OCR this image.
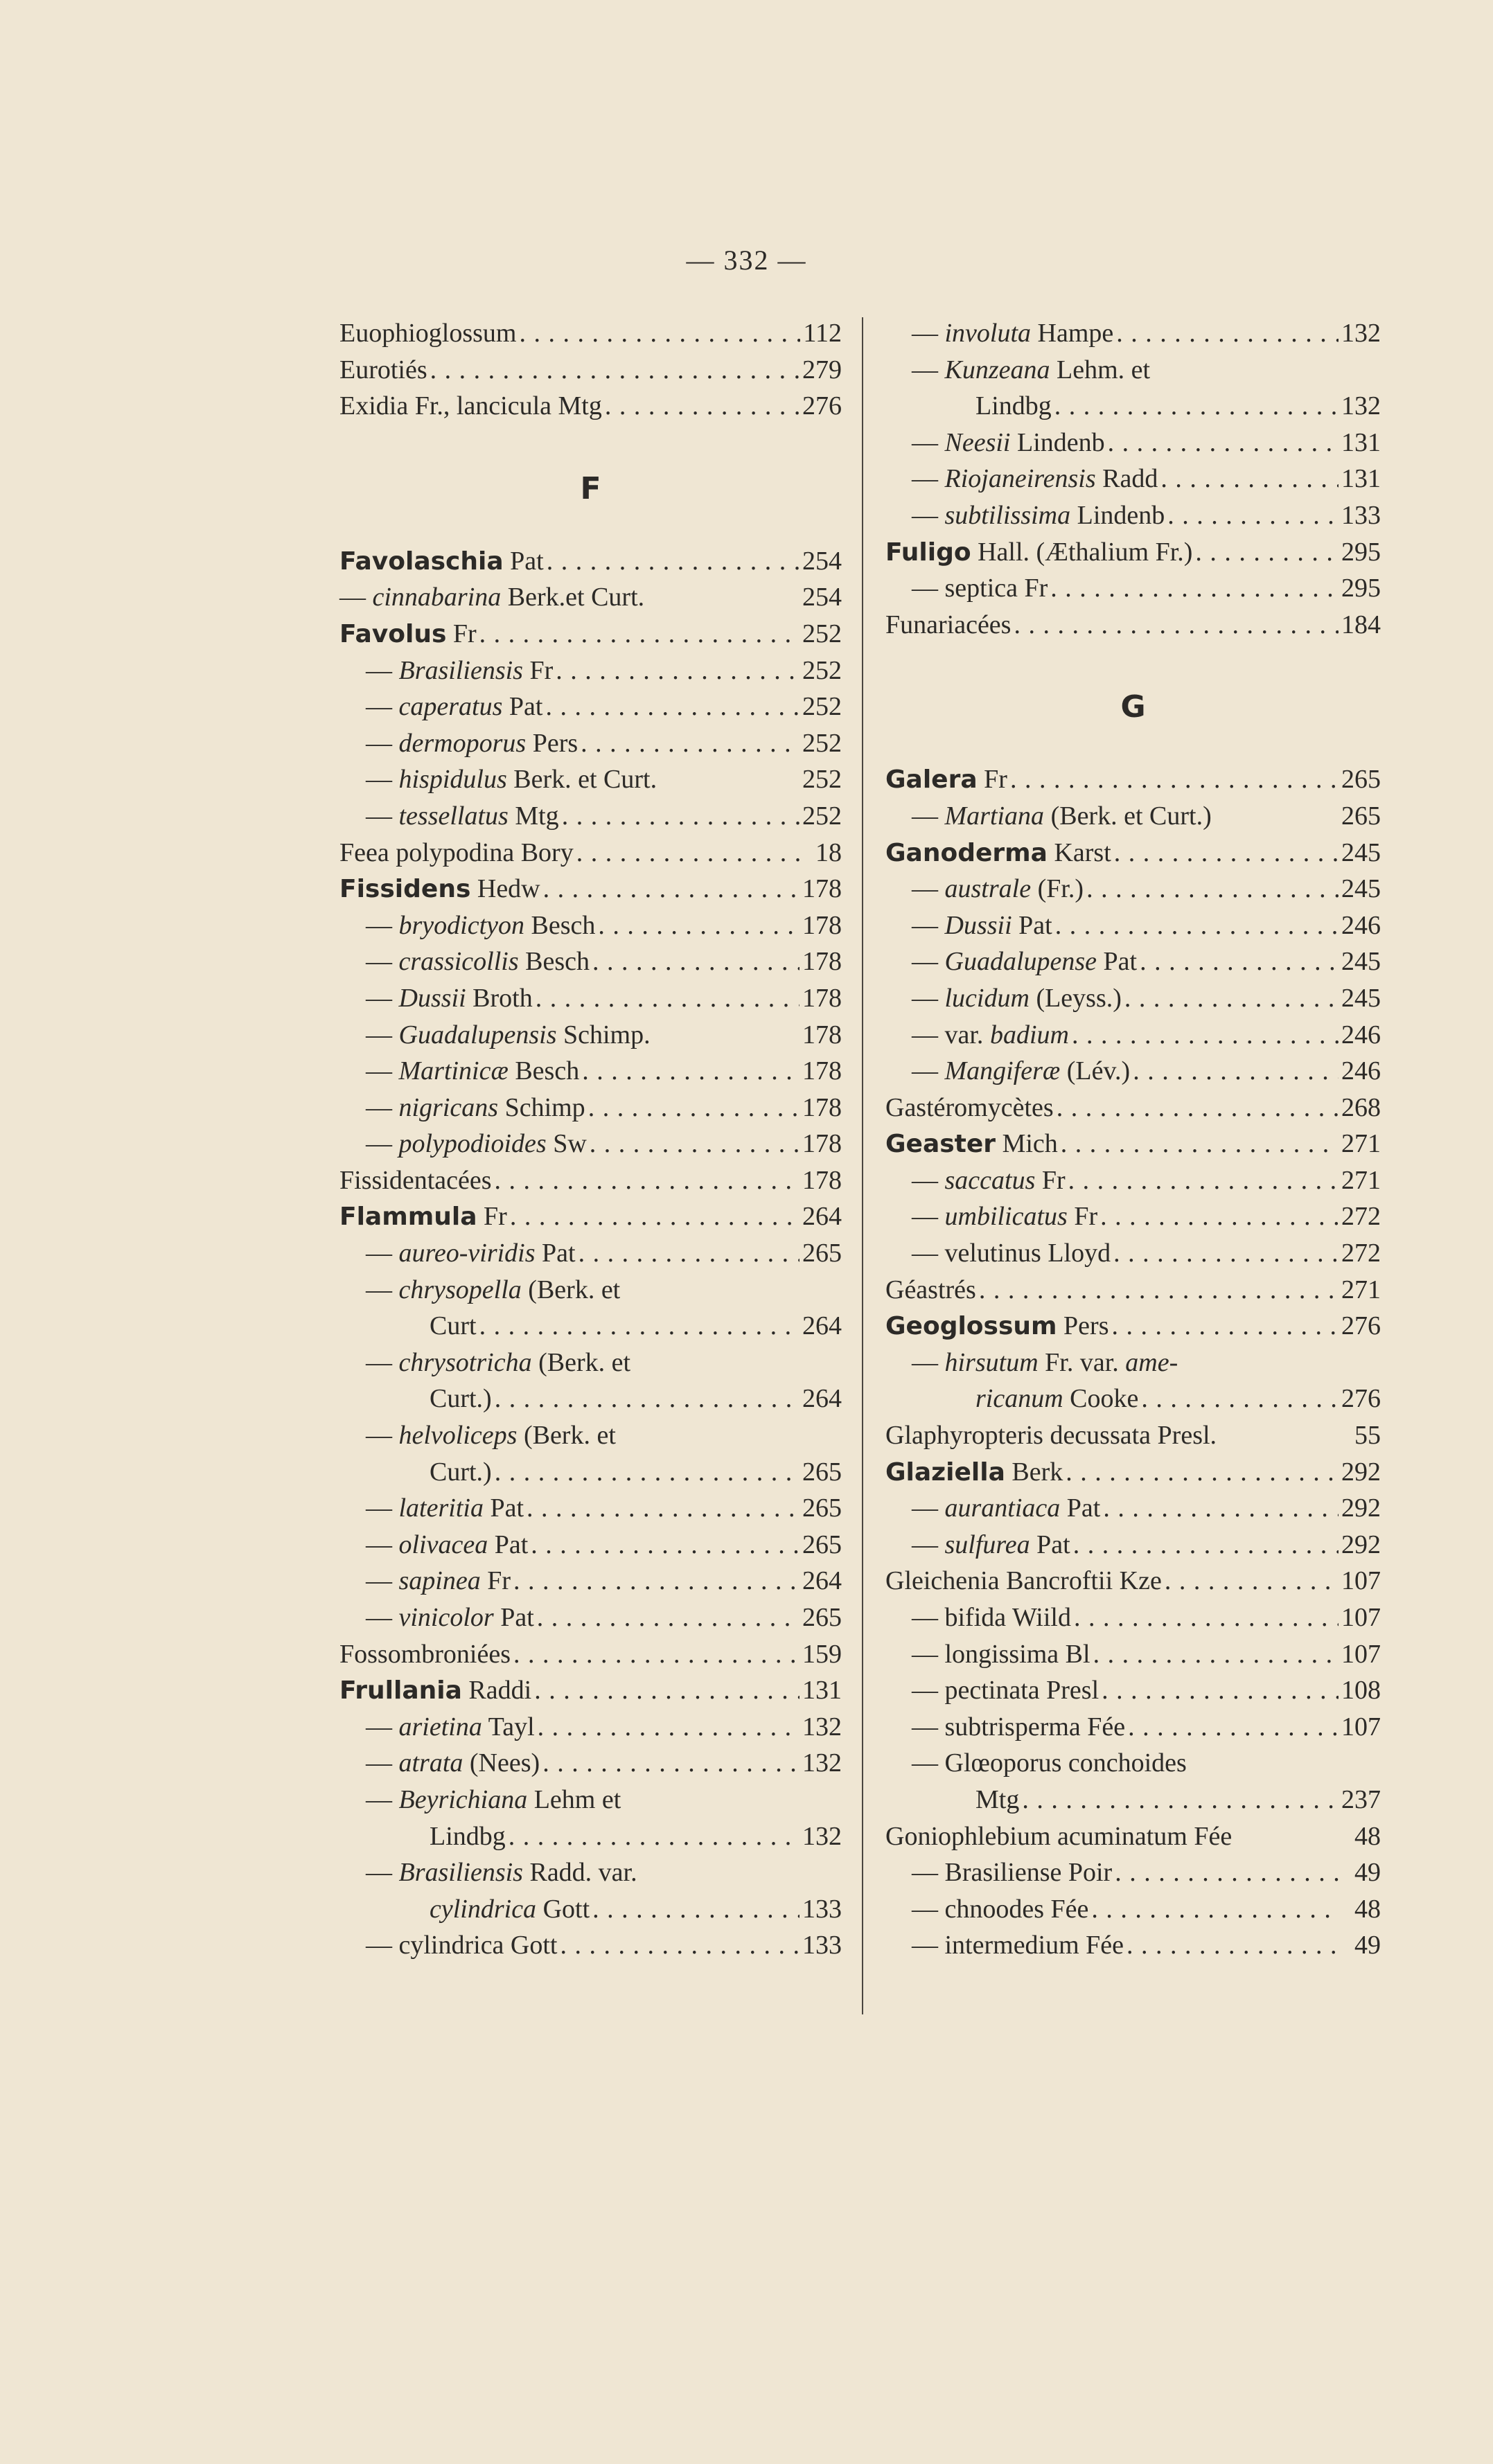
— 332 —
Euophioglossum . . .	112
Eurotiés . . .	279
Exidia Fr., lancicula Mtg . . .	276
F
Favolaschia Pat . . .	254
— cinnabarina Berk.et Curt.	254
Favolus Fr . . .	252
— Brasiliensis Fr . . .	252
— caperatus Pat . . .	252
— dermoporus Pers . . .	252
— hispidulus Berk. et Curt.	252
— tessellatus Mtg . . .	252
Feea polypodina Bory . . .	18
Fissidens Hedw . . .	178
— bryodictyon Besch . . .	178
— crassicollis Besch . . .	178
— Dussii Broth . . .	178
— Guadalupensis Schimp.	178
— Martinicæ Besch . . .	178
— nigricans Schimp . . .	178
— polypodioides Sw . . .	178
Fissidentacées . . .	178
Flammula Fr . . .	264
— aureo-viridis Pat . . .	265
— chrysopella (Berk. et
Curt . . .	264
— chrysotricha (Berk. et
Curt.) . . .	264
— helvoliceps (Berk. et
Curt.) . . .	265
— lateritia Pat . . .	265
— olivacea Pat . . .	265
— sapinea Fr . . .	264
— vinicolor Pat . . .	265
Fossombroniées . . .	159
Frullania Raddi . . .	131
— arietina Tayl . . .	132
— atrata (Nees) . . .	132
— Beyrichiana Lehm et
Lindbg . . .	132
— Brasiliensis Radd. var.
cylindrica Gott . . .	133
— cylindrica Gott . . .	133
— involuta Hampe . . .	132
— Kunzeana Lehm. et
Lindbg . . .	132
— Neesii Lindenb . . .	131
— Riojaneirensis Radd . . .	131
— subtilissima Lindenb . . .	133
Fuligo Hall. (Æthalium Fr.) . . .	295
— septica Fr . . .	295
Funariacées . . .	184
G
Galera Fr . . .	265
— Martiana (Berk. et Curt.)	265
Ganoderma Karst . . .	245
— australe (Fr.) . . .	245
— Dussii Pat . . .	246
— Guadalupense Pat . . .	245
— lucidum (Leyss.) . . .	245
— var. badium . . .	246
— Mangiferæ (Lév.) . . .	246
Gastéromycètes . . .	268
Geaster Mich . . .	271
— saccatus Fr . . .	271
— umbilicatus Fr . . .	272
— velutinus Lloyd . . .	272
Géastrés . . .	271
Geoglossum Pers . . .	276
— hirsutum Fr. var. ame-
ricanum Cooke . . .	276
Glaphyropteris decussata Presl.	55
Glaziella Berk . . .	292
— aurantiaca Pat . . .	292
— sulfurea Pat . . .	292
Gleichenia Bancroftii Kze . . .	107
— bifida Wiild . . .	107
— longissima Bl . . .	107
— pectinata Presl . . .	108
— subtrisperma Fée . . .	107
— Glœoporus conchoides
Mtg . . .	237
Goniophlebium acuminatum Fée	48
— Brasiliense Poir . . .	49
— chnoodes Fée . . .	48
— intermedium Fée . . .	49
